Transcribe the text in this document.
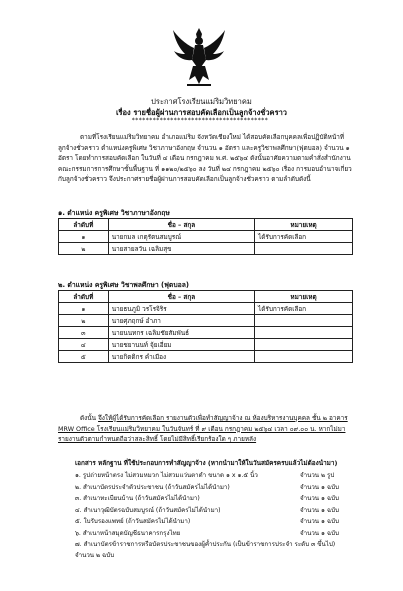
ประกาศโรงเรียนแม่ริมวิทยาคม
เรื่อง รายชื่อผู้ผ่านการสอบคัดเลือกเป็นลูกจ้างชั่วคราว
***************************************
ตามที่โรงเรียนแม่ริมวิทยาคม อำเภอแม่ริม จังหวัดเชียงใหม่ ได้สอบคัดเลือกบุคคลเพื่อปฏิบัติหน้าที่ลูกจ้างชั่วคราว ตำแหน่งครูพิเศษ วิชาภาษาอังกฤษ จำนวน ๑ อัตรา และครูวิชาพลศึกษา(ฟุตบอล) จำนวน ๑ อัตรา โดยทำการสอบคัดเลือก ในวันที่ ๔ เดือน กรกฎาคม พ.ศ. ๒๕๖๔ ดังนั้นอาศัยความตามคำสั่งสำนักงานคณะกรรมการการศึกษาขั้นพื้นฐาน ที่ ๑๑๒๐/๒๕๖๐ ลง วันที่ ๒๔ กรกฎาคม ๒๕๖๐ เรื่อง การมอบอำนาจเกี่ยวกับลูกจ้างชั่วคราว จึงประกาศรายชื่อผู้ผ่านการสอบคัดเลือกเป็นลูกจ้างชั่วคราว ตามลำดับดังนี้
๑. ตำแหน่ง ครูพิเศษ วิชาภาษาอังกฤษ
ลำดับที่	ชื่อ – สกุล	หมายเหตุ
๑	นายกมล เกตุรัตนสมบูรณ์	ได้รับการคัดเลือก
๒	นายสายลวัน เฉลิมสุข	
๒. ตำแหน่ง ครูพิเศษ วิชาพลศึกษา (ฟุตบอล)
ลำดับที่	ชื่อ – สกุล	หมายเหตุ
๑	นายธนภูมิ วรโรจิริร	ได้รับการคัดเลือก
๒	นายศุภฤกษ์ อำภา	
๓	นายนนทกร เฉลิมชัยสัมพันธ์	
๔	นายชยานนท์ จุ้ยเอี่ยม	
๕	นายกิตติกร คำเมือง	
ดังนั้น จึงให้ผู้ได้รับการคัดเลือก รายงานตัวเพื่อทำสัญญาจ้าง ณ ห้องบริหารงานบุคคล ชั้น ๒ อาคาร MRW Office โรงเรียนแม่ริมวิทยาคม ในวันจันทร์ ที่ ๙ เดือน กรกฎาคม ๒๕๖๔ เวลา ๐๙.๐๐ น. หากไม่มารายงานตัวตามกำหนดถือว่าสละสิทธิ์ โดยไม่มีสิทธิ์เรียกร้องใด ๆ ภายหลัง
เอกสาร หลักฐาน ที่ใช้ประกอบการทำสัญญาจ้าง (หากนำมาให้ในวันสมัครครบแล้วไม่ต้องนำมา)
๑. รูปถ่ายหน้าตรง ไม่สวมหมวก ไม่สวมแว่นตาดำ ขนาด ๑ x ๑.๕ นิ้ว	จำนวน ๒ รูป
๒. สำเนาบัตรประจำตัวประชาชน (ถ้าวันสมัครไม่ได้นำมา)	จำนวน ๑ ฉบับ
๓. สำเนาทะเบียนบ้าน (ถ้าวันสมัครไม่ได้นำมา)	จำนวน ๑ ฉบับ
๔. สำเนาวุฒิบัตรฉบับสมบูรณ์ (ถ้าวันสมัครไม่ได้นำมา)	จำนวน ๑ ฉบับ
๕. ใบรับรองแพทย์ (ถ้าวันสมัครไม่ได้นำมา)	จำนวน ๑ ฉบับ
๖. สำเนาหน้าสมุดบัญชีธนาคารกรุงไทย	จำนวน ๑ ฉบับ
๗. สำเนาบัตรข้าราชการหรือบัตรประชาชนของผู้ค้ำประกัน (เป็นข้าราชการประจำ ระดับ ๓ ขึ้นไป)
จำนวน ๒ ฉบับ
